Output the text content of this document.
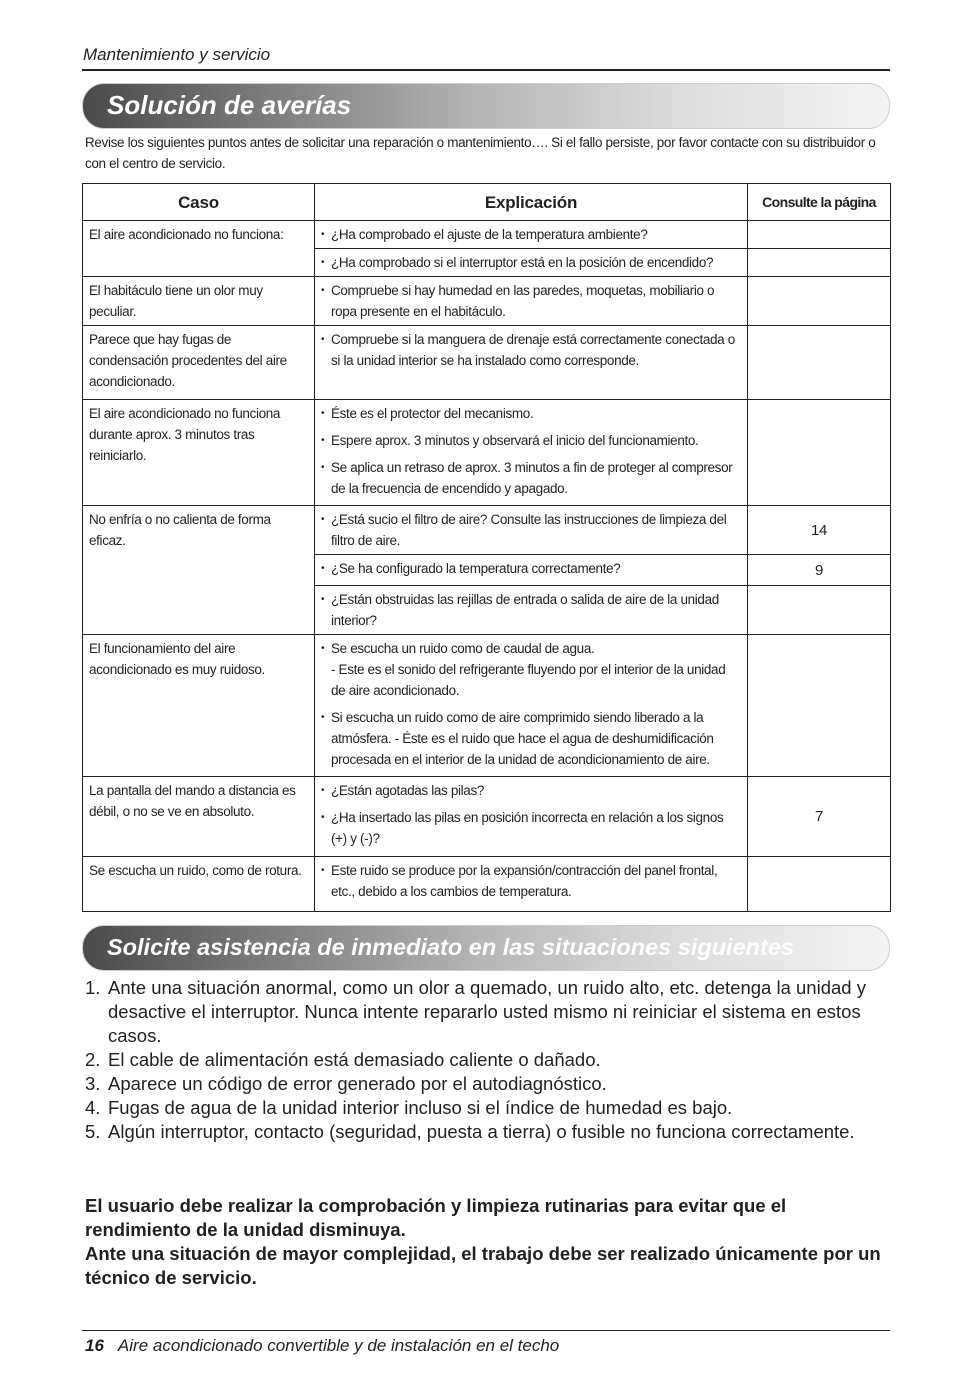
Mantenimiento y servicio
Solución de averías
Revise los siguientes puntos antes de solicitar una reparación o mantenimiento…. Si el fallo persiste, por favor contacte con su distribuidor o con el centro de servicio.
Caso	Explicación	Consulte la página
El aire acondicionado no funciona:	• ¿Ha comprobado el ajuste de la temperatura ambiente?

	• ¿Ha comprobado si el interruptor está en la posición de encendido?

El habitáculo tiene un olor muy peculiar.	• Compruebe si hay humedad en las paredes, moquetas, mobiliario o ropa presente en el habitáculo.

Parece que hay fugas de condensación procedentes del aire acondicionado.	• Compruebe si la manguera de drenaje está correctamente conectada o si la unidad interior se ha instalado como corresponde.

El aire acondicionado no funciona durante aprox. 3 minutos tras reiniciarlo.	• Éste es el protector del mecanismo.
• Espere aprox. 3 minutos y observará el inicio del funcionamiento.
• Se aplica un retraso de aprox. 3 minutos a fin de proteger al compresor de la frecuencia de encendido y apagado.

No enfría o no calienta de forma eficaz.	• ¿Está sucio el filtro de aire? Consulte las instrucciones de limpieza del filtro de aire.	14

	• ¿Se ha configurado la temperatura correctamente?	9

	• ¿Están obstruidas las rejillas de entrada o salida de aire de la unidad interior?

El funcionamiento del aire acondicionado es muy ruidoso.	• Se escucha un ruido como de caudal de agua.
- Este es el sonido del refrigerante fluyendo por el interior de la unidad de aire acondicionado.
• Si escucha un ruido como de aire comprimido siendo liberado a la atmósfera. - Éste es el ruido que hace el agua de deshumidificación procesada en el interior de la unidad de acondicionamiento de aire.

La pantalla del mando a distancia es débil, o no se ve en absoluto.	• ¿Están agotadas las pilas?
• ¿Ha insertado las pilas en posición incorrecta en relación a los signos (+) y (-)?	7
Se escucha un ruido, como de rotura.	• Este ruido se produce por la expansión/contracción del panel frontal, etc., debido a los cambios de temperatura.

Solicite asistencia de inmediato en las situaciones siguientes
1. Ante una situación anormal, como un olor a quemado, un ruido alto, etc. detenga la unidad y desactive el interruptor. Nunca intente repararlo usted mismo ni reiniciar el sistema en estos casos.
2. El cable de alimentación está demasiado caliente o dañado.
3. Aparece un código de error generado por el autodiagnóstico.
4. Fugas de agua de la unidad interior incluso si el índice de humedad es bajo.
5. Algún interruptor, contacto (seguridad, puesta a tierra) o fusible no funciona correctamente.
El usuario debe realizar la comprobación y limpieza rutinarias para evitar que el rendimiento de la unidad disminuya.
Ante una situación de mayor complejidad, el trabajo debe ser realizado únicamente por un técnico de servicio.
16 Aire acondicionado convertible y de instalación en el techo
